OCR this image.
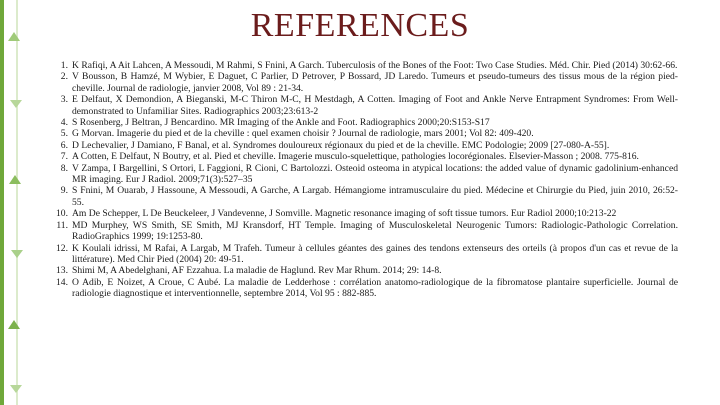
REFERENCES
1. K Rafiqi, A Ait Lahcen, A Messoudi, M Rahmi, S Fnini, A Garch. Tuberculosis of the Bones of the Foot: Two Case Studies. Méd. Chir. Pied (2014) 30:62-66.
2. V Bousson, B Hamzé, M Wybier, E Daguet, C Parlier, D Petrover, P Bossard, JD Laredo. Tumeurs et pseudo-tumeurs des tissus mous de la région pied-cheville. Journal de radiologie, janvier 2008, Vol 89 : 21-34.
3. E Delfaut, X Demondion, A Bieganski, M-C Thiron M-C, H Mestdagh, A Cotten. Imaging of Foot and Ankle Nerve Entrapment Syndromes: From Well-demonstrated to Unfamiliar Sites. Radiographics 2003;23:613-2
4. S Rosenberg, J Beltran, J Bencardino. MR Imaging of the Ankle and Foot. Radiographics 2000;20:S153-S17
5. G Morvan. Imagerie du pied et de la cheville : quel examen choisir ? Journal de radiologie, mars 2001; Vol 82: 409-420.
6. D Lechevalier, J Damiano, F Banal, et al. Syndromes douloureux régionaux du pied et de la cheville. EMC Podologie; 2009 [27-080-A-55].
7. A Cotten, E Delfaut, N Boutry, et al. Pied et cheville. Imagerie musculo-squelettique, pathologies locorégionales. Elsevier-Masson ; 2008. 775-816.
8. V Zampa, I Bargellini, S Ortori, L Faggioni, R Cioni, C Bartolozzi. Osteoid osteoma in atypical locations: the added value of dynamic gadolinium-enhanced MR imaging. Eur J Radiol. 2009;71(3):527–35
9. S Fnini, M Ouarab, J Hassoune, A Messoudi, A Garche, A Largab. Hémangiome intramusculaire du pied. Médecine et Chirurgie du Pied, juin 2010, 26:52-55.
10. Am De Schepper, L De Beuckeleer, J Vandevenne, J Somville. Magnetic resonance imaging of soft tissue tumors. Eur Radiol 2000;10:213-22
11. MD Murphey, WS Smith, SE Smith, MJ Kransdorf, HT Temple. Imaging of Musculoskeletal Neurogenic Tumors: Radiologic-Pathologic Correlation. RadioGraphics 1999; 19:1253-80.
12. K Koulali idrissi, M Rafai, A Largab, M Trafeh. Tumeur à cellules géantes des gaines des tendons extenseurs des orteils (à propos d'un cas et revue de la littérature). Med Chir Pied (2004) 20: 49-51.
13. Shimi M, A Abedelghani, AF Ezzahua. La maladie de Haglund. Rev Mar Rhum. 2014; 29: 14-8.
14. O Adib, E Noizet, A Croue, C Aubé. La maladie de Ledderhose : corrélation anatomo-radiologique de la fibromatose plantaire superficielle. Journal de radiologie diagnostique et interventionnelle, septembre 2014, Vol 95 : 882-885.
